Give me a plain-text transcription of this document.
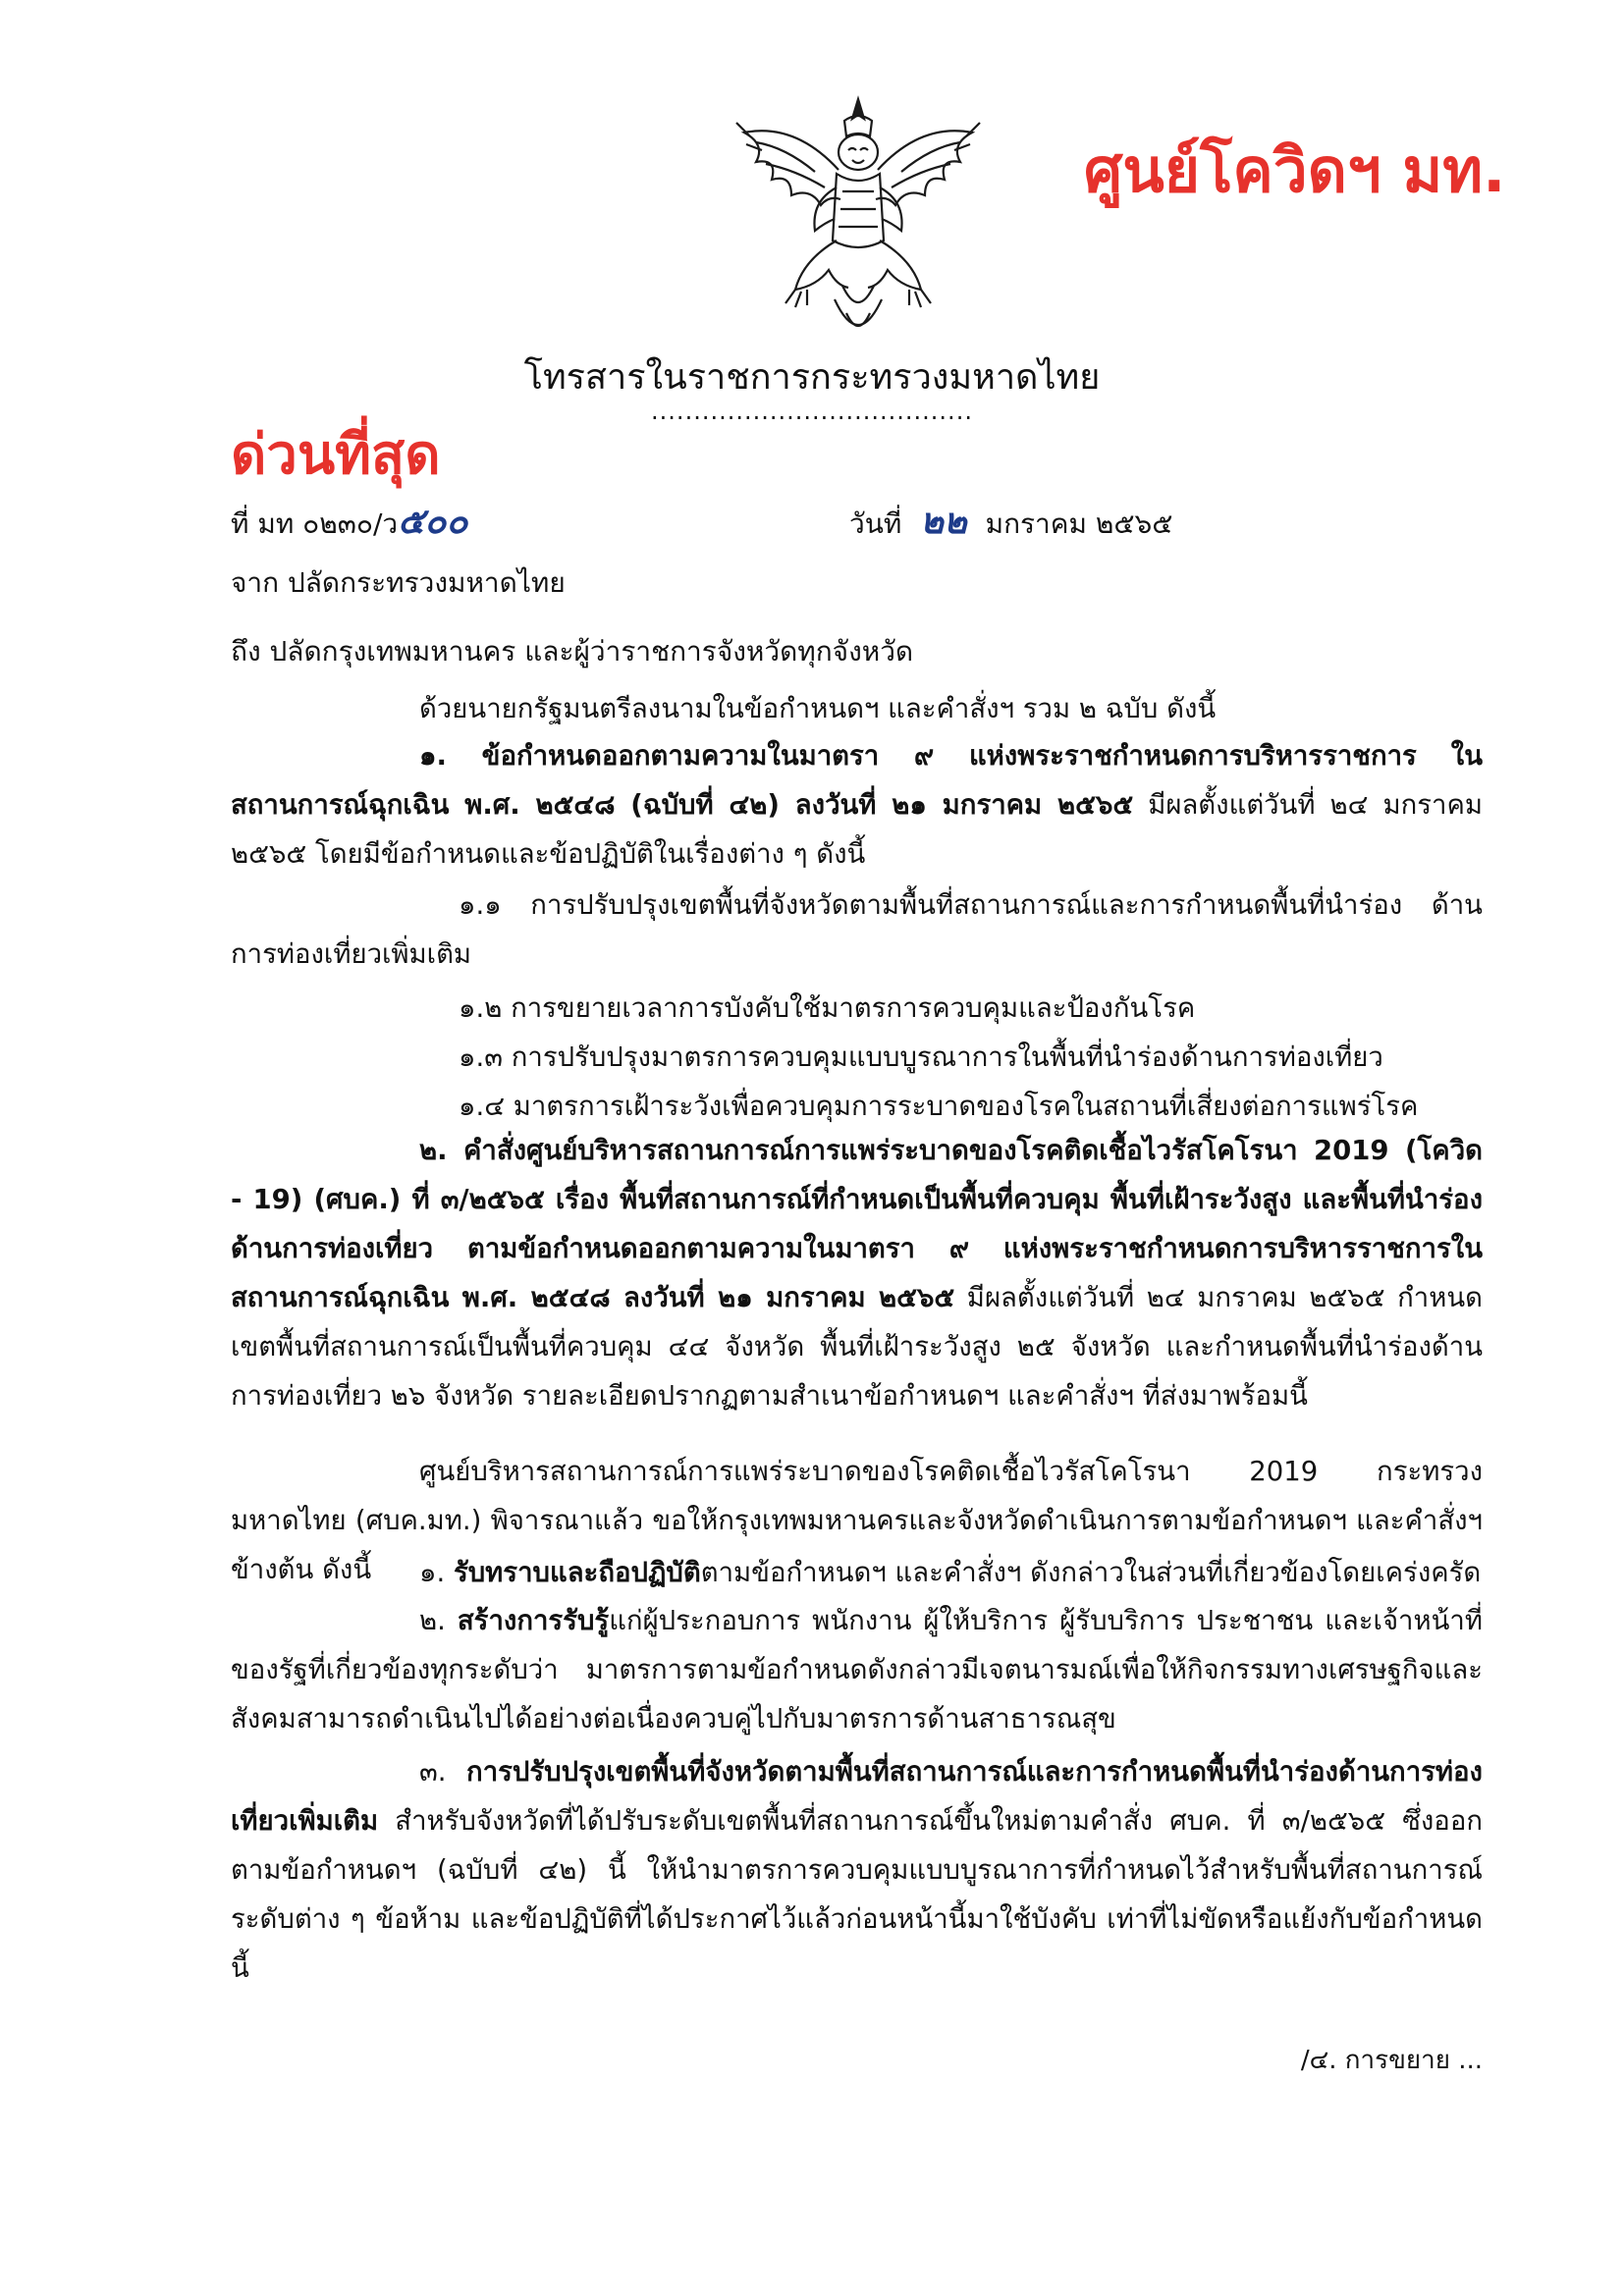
ศูนย์โควิดฯ มท.
โทรสารในราชการกระทรวงมหาดไทย
......................................
ด่วนที่สุด
ที่ มท ๐๒๓๐/ว๕๐๐	วันที่ ๒๒ มกราคม ๒๕๖๕
จาก ปลัดกระทรวงมหาดไทย
ถึง ปลัดกรุงเทพมหานคร และผู้ว่าราชการจังหวัดทุกจังหวัด
ด้วยนายกรัฐมนตรีลงนามในข้อกำหนดฯ และคำสั่งฯ รวม ๒ ฉบับ ดังนี้
๑. ข้อกำหนดออกตามความในมาตรา ๙ แห่งพระราชกำหนดการบริหารราชการ ในสถานการณ์ฉุกเฉิน พ.ศ. ๒๕๔๘ (ฉบับที่ ๔๒) ลงวันที่ ๒๑ มกราคม ๒๕๖๕ มีผลตั้งแต่วันที่ ๒๔ มกราคม ๒๕๖๕ โดยมีข้อกำหนดและข้อปฏิบัติในเรื่องต่าง ๆ ดังนี้
๑.๑ การปรับปรุงเขตพื้นที่จังหวัดตามพื้นที่สถานการณ์และการกำหนดพื้นที่นำร่อง ด้านการท่องเที่ยวเพิ่มเติม
๑.๒ การขยายเวลาการบังคับใช้มาตรการควบคุมและป้องกันโรค
๑.๓ การปรับปรุงมาตรการควบคุมแบบบูรณาการในพื้นที่นำร่องด้านการท่องเที่ยว
๑.๔ มาตรการเฝ้าระวังเพื่อควบคุมการระบาดของโรคในสถานที่เสี่ยงต่อการแพร่โรค
๒. คำสั่งศูนย์บริหารสถานการณ์การแพร่ระบาดของโรคติดเชื้อไวรัสโคโรนา 2019 (โควิด - 19) (ศบค.) ที่ ๓/๒๕๖๕ เรื่อง พื้นที่สถานการณ์ที่กำหนดเป็นพื้นที่ควบคุม พื้นที่เฝ้าระวังสูง และพื้นที่นำร่องด้านการท่องเที่ยว ตามข้อกำหนดออกตามความในมาตรา ๙ แห่งพระราชกำหนดการบริหารราชการในสถานการณ์ฉุกเฉิน พ.ศ. ๒๕๔๘ ลงวันที่ ๒๑ มกราคม ๒๕๖๕ มีผลตั้งแต่วันที่ ๒๔ มกราคม ๒๕๖๕ กำหนดเขตพื้นที่สถานการณ์เป็นพื้นที่ควบคุม ๔๔ จังหวัด พื้นที่เฝ้าระวังสูง ๒๕ จังหวัด และกำหนดพื้นที่นำร่องด้านการท่องเที่ยว ๒๖ จังหวัด รายละเอียดปรากฏตามสำเนาข้อกำหนดฯ และคำสั่งฯ ที่ส่งมาพร้อมนี้
ศูนย์บริหารสถานการณ์การแพร่ระบาดของโรคติดเชื้อไวรัสโคโรนา 2019 กระทรวงมหาดไทย (ศบค.มท.) พิจารณาแล้ว ขอให้กรุงเทพมหานครและจังหวัดดำเนินการตามข้อกำหนดฯ และคำสั่งฯ ข้างต้น ดังนี้	๑. รับทราบและถือปฏิบัติตามข้อกำหนดฯ และคำสั่งฯ ดังกล่าวในส่วนที่เกี่ยวข้องโดยเคร่งครัด
๒. สร้างการรับรู้แก่ผู้ประกอบการ พนักงาน ผู้ให้บริการ ผู้รับบริการ ประชาชน และเจ้าหน้าที่ของรัฐที่เกี่ยวข้องทุกระดับว่า มาตรการตามข้อกำหนดดังกล่าวมีเจตนารมณ์เพื่อให้กิจกรรมทางเศรษฐกิจและสังคมสามารถดำเนินไปได้อย่างต่อเนื่องควบคู่ไปกับมาตรการด้านสาธารณสุข
๓. การปรับปรุงเขตพื้นที่จังหวัดตามพื้นที่สถานการณ์และการกำหนดพื้นที่นำร่องด้านการท่องเที่ยวเพิ่มเติม สำหรับจังหวัดที่ได้ปรับระดับเขตพื้นที่สถานการณ์ขึ้นใหม่ตามคำสั่ง ศบค. ที่ ๓/๒๕๖๕ ซึ่งออกตามข้อกำหนดฯ (ฉบับที่ ๔๒) นี้ ให้นำมาตรการควบคุมแบบบูรณาการที่กำหนดไว้สำหรับพื้นที่สถานการณ์ระดับต่าง ๆ ข้อห้าม และข้อปฏิบัติที่ได้ประกาศไว้แล้วก่อนหน้านี้มาใช้บังคับ เท่าที่ไม่ขัดหรือแย้งกับข้อกำหนดนี้
/๔. การขยาย ...
